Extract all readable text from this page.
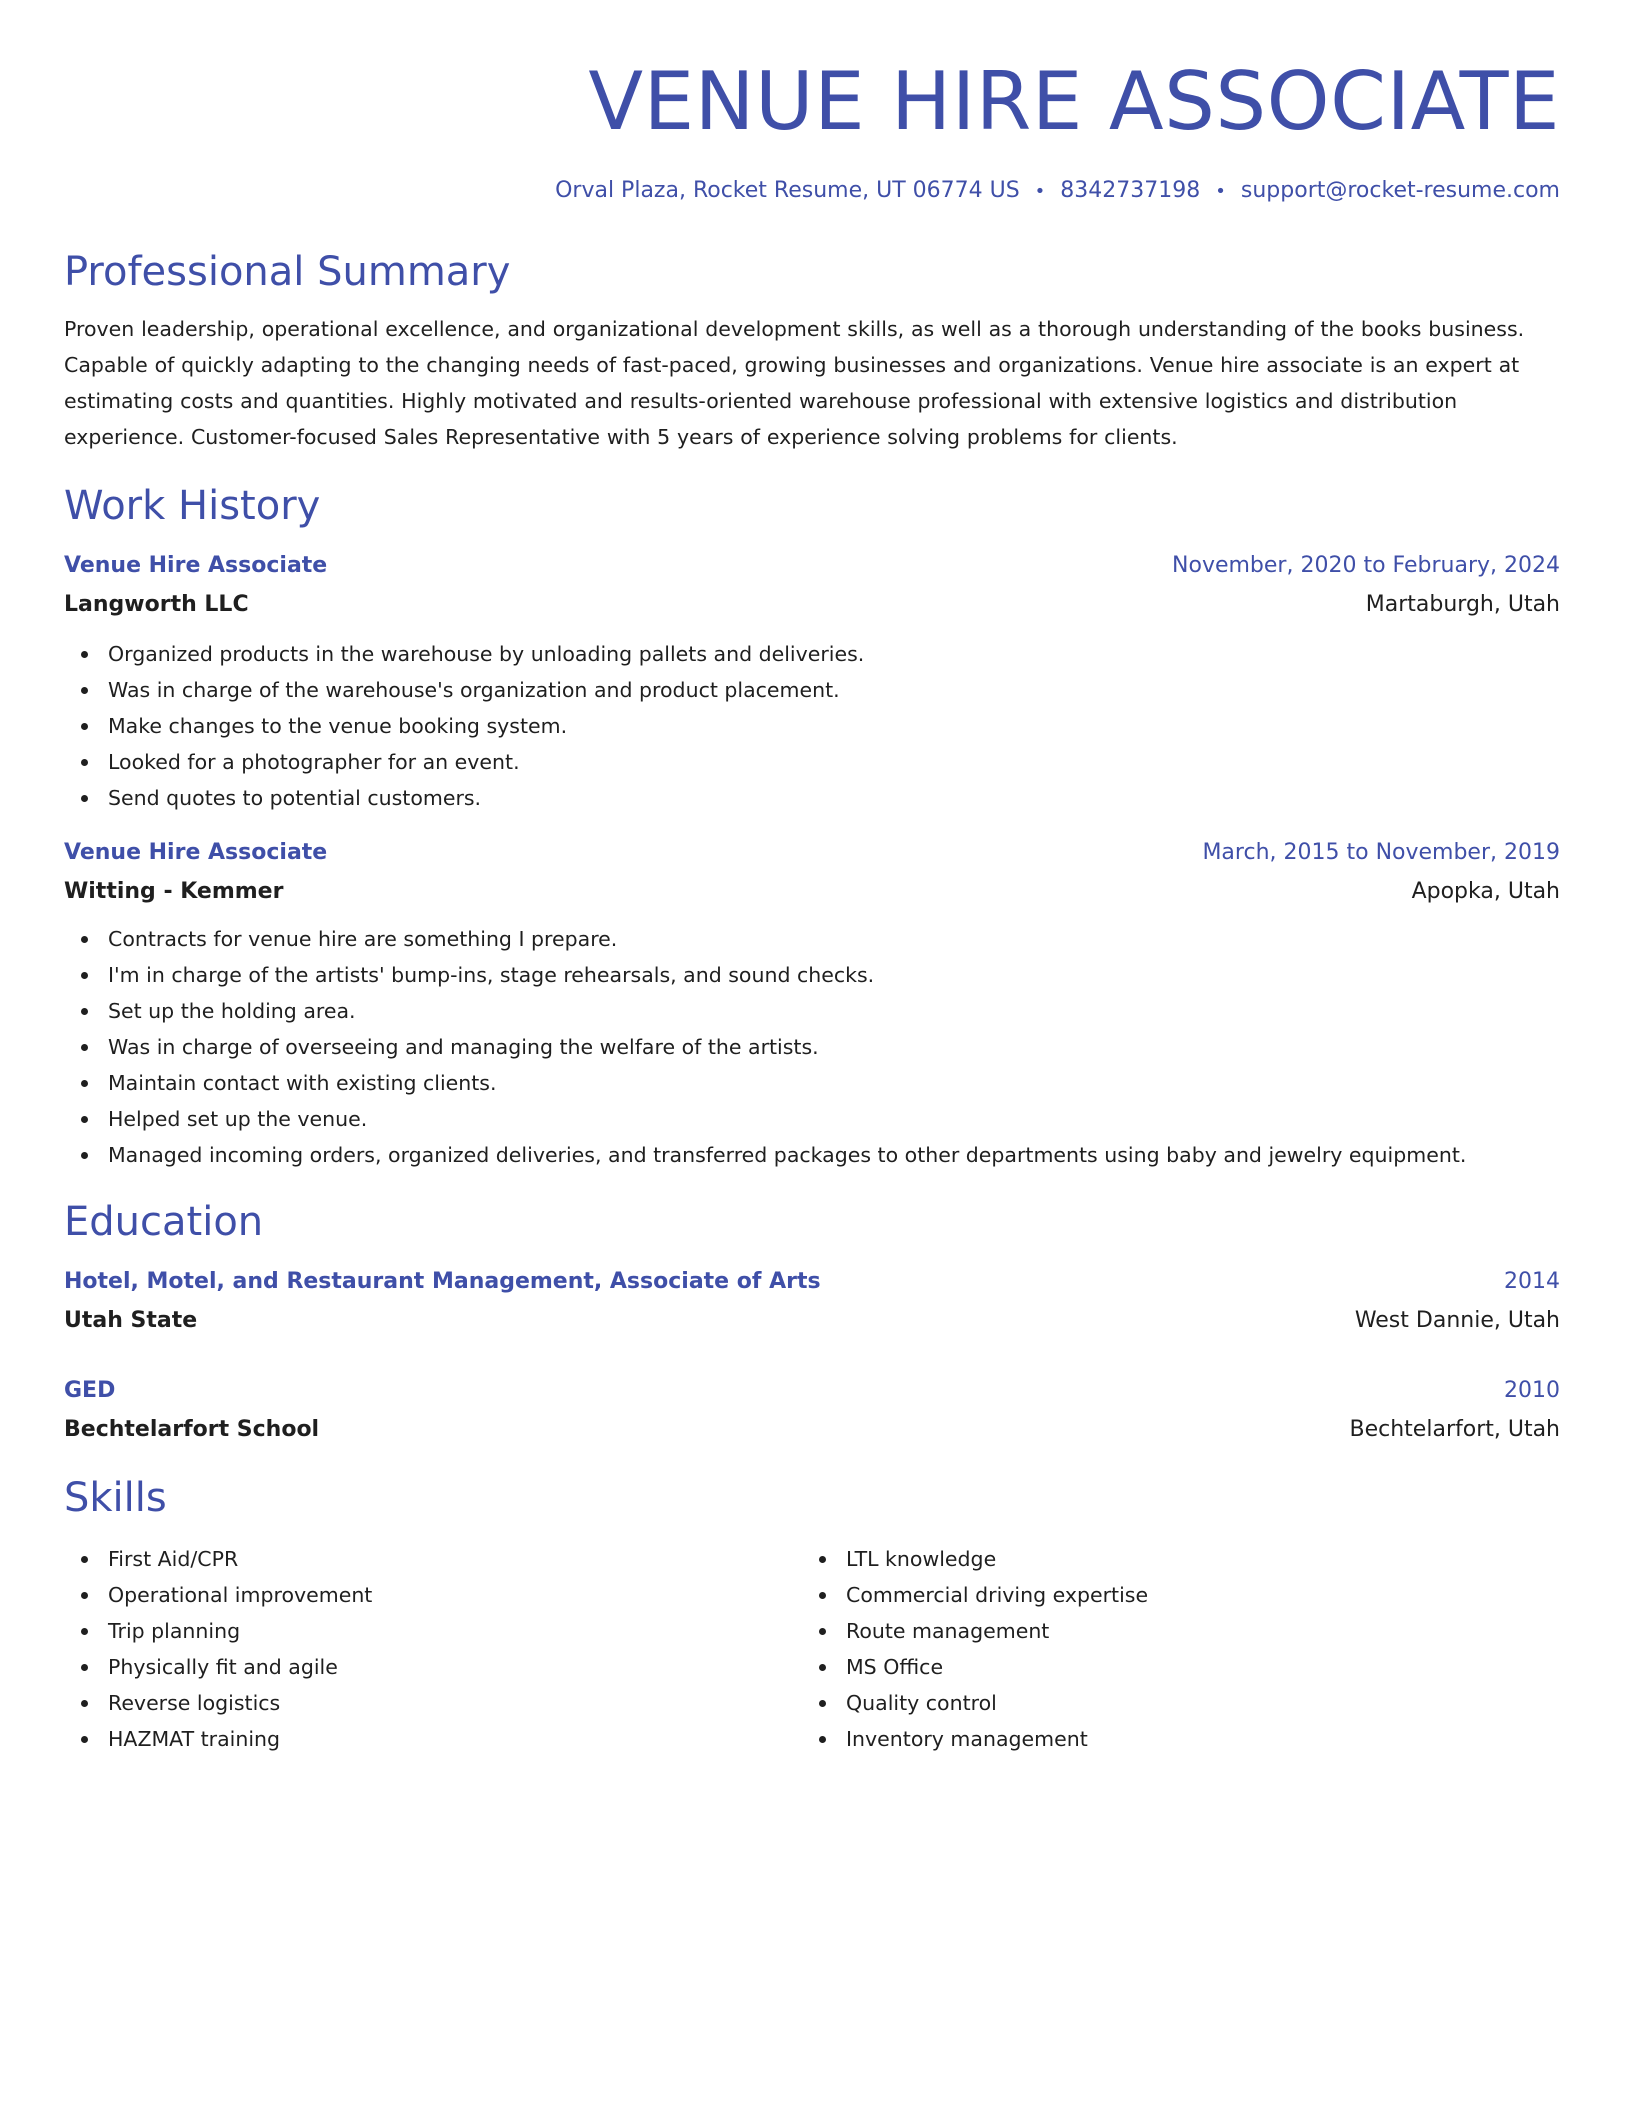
VENUE HIRE ASSOCIATE
Orval Plaza, Rocket Resume, UT 06774 US • 8342737198 • support@rocket-resume.com
Professional Summary
Proven leadership, operational excellence, and organizational development skills, as well as a thorough understanding of the books business. Capable of quickly adapting to the changing needs of fast-paced, growing businesses and organizations. Venue hire associate is an expert at estimating costs and quantities. Highly motivated and results-oriented warehouse professional with extensive logistics and distribution experience. Customer-focused Sales Representative with 5 years of experience solving problems for clients.
Work History
Venue Hire Associate	November, 2020 to February, 2024
Langworth LLC	Martaburgh, Utah
Organized products in the warehouse by unloading pallets and deliveries.
Was in charge of the warehouse's organization and product placement.
Make changes to the venue booking system.
Looked for a photographer for an event.
Send quotes to potential customers.
Venue Hire Associate	March, 2015 to November, 2019
Witting - Kemmer	Apopka, Utah
Contracts for venue hire are something I prepare.
I'm in charge of the artists' bump-ins, stage rehearsals, and sound checks.
Set up the holding area.
Was in charge of overseeing and managing the welfare of the artists.
Maintain contact with existing clients.
Helped set up the venue.
Managed incoming orders, organized deliveries, and transferred packages to other departments using baby and jewelry equipment.
Education
Hotel, Motel, and Restaurant Management, Associate of Arts	2014
Utah State	West Dannie, Utah
GED	2010
Bechtelarfort School	Bechtelarfort, Utah
Skills
First Aid/CPR
Operational improvement
Trip planning
Physically fit and agile
Reverse logistics
HAZMAT training
LTL knowledge
Commercial driving expertise
Route management
MS Office
Quality control
Inventory management
